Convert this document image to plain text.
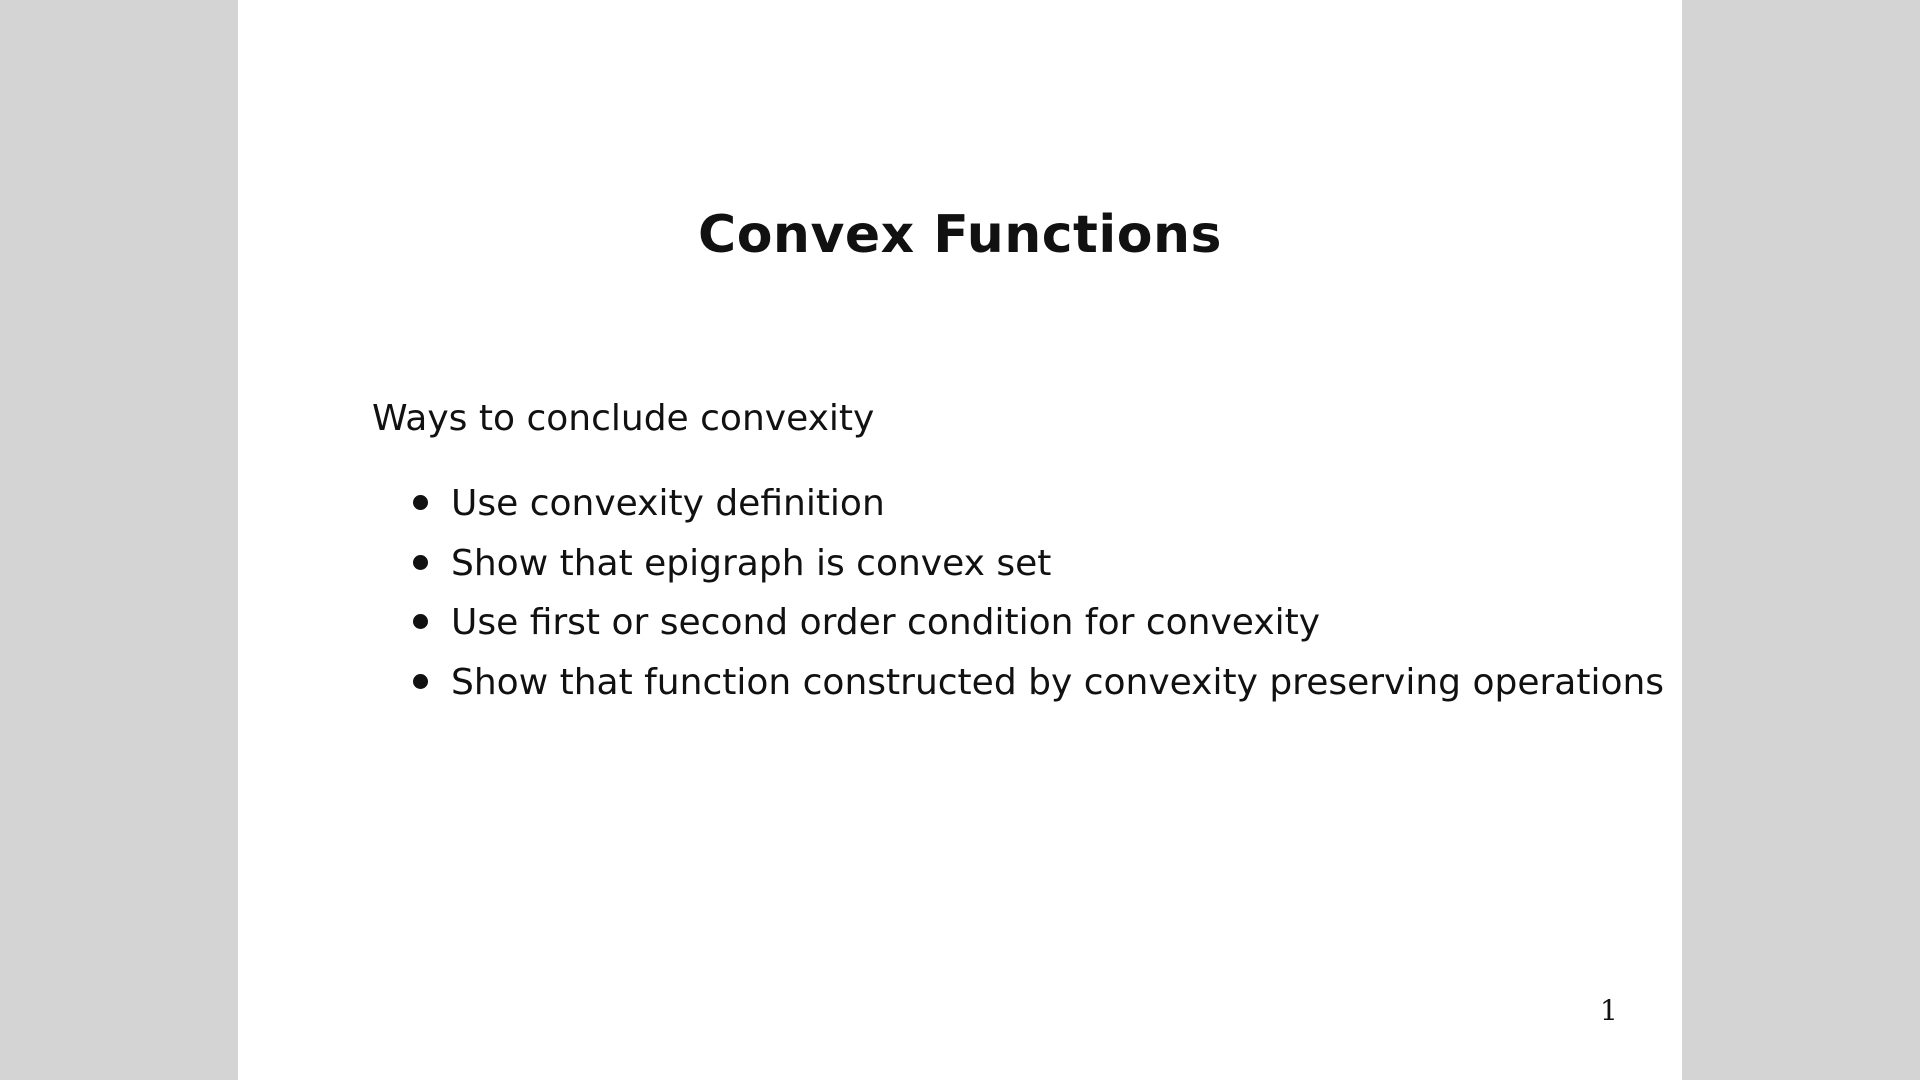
Convex Functions
Ways to conclude convexity
Use convexity definition
Show that epigraph is convex set
Use first or second order condition for convexity
Show that function constructed by convexity preserving operations
1
